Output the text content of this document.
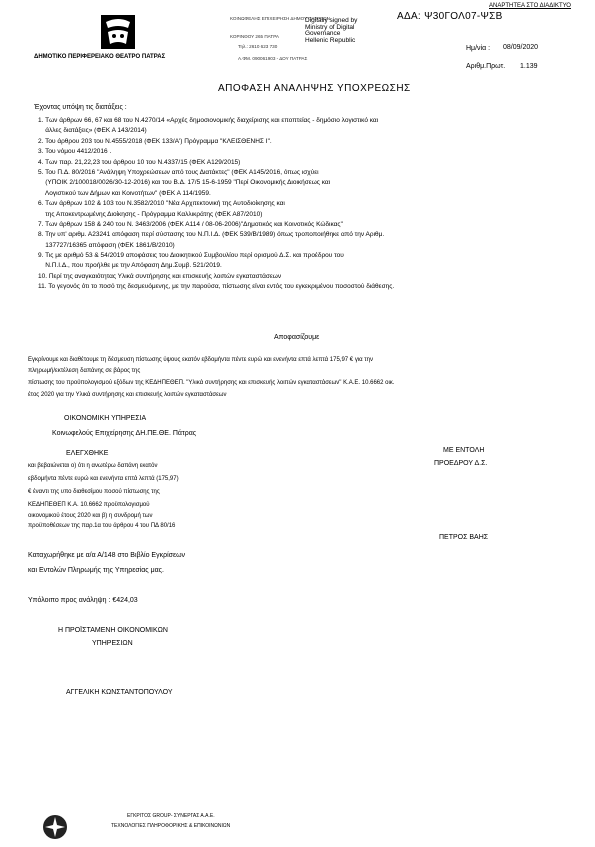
ΑΝΑΡΤΗΤΕΑ ΣΤΟ ΔΙΑΔΙΚΤΥΟ
ΑΔΑ: Ψ30ΓΟΛ07-ΨΣΒ
ΔΗΜΟΤΙΚΟ ΠΕΡΙΦΕΡΕΙΑΚΟ ΘΕΑΤΡΟ ΠΑΤΡΑΣ
ΚΟΙΝΩΦΕΛΗΣ ΕΠΙΧΕΙΡΗΣΗ ΔΗΜΟΥ ΠΑΤΡΕΩΝ
ΚΟΡΙΝΘΟΥ 265 ΠΑΤΡΑ
Τηλ.: 2610 623 730
Α.ΦΜ. 090061903 - ΔΟΥ ΠΑΤΡΑΣ
Digitally signed by
Ministry of Digital
Governance
Hellenic Republic
Ημ/νία : 08/09/2020
Αριθμ.Πρωτ. 1.139
ΑΠΟΦΑΣΗ ΑΝΑΛΗΨΗΣ ΥΠΟΧΡΕΩΣΗΣ
Έχοντας υπόψη τις διατάξεις :
1. Των άρθρων 66, 67 και 68 του Ν.4270/14 «Αρχές δημοσιονομικής διαχείρισης και εποπτείας - δημόσιο λογιστικό και
άλλες διατάξεις» (ΦΕΚ Α 143/2014)
2. Του άρθρου 203 του Ν.4555/2018 (ΦΕΚ 133/Α') Πρόγραμμα "ΚΛΕΙΣΘΕΝΗΣ Ι".
3. Του νόμου 4412/2016 .
4. Των παρ. 21,22,23 του άρθρου 10 του Ν.4337/15 (ΦΕΚ Α129/2015)
5. Του Π.Δ. 80/2016 "Ανάληψη Υποχρεώσεων από τους Διατάκτες" (ΦΕΚ Α145/2016, όπως ισχύει
(ΥΠΟΙΚ 2/100018/0026/30-12-2016) και του Β.Δ. 17/5 15-6-1959 "Περί Οικονομικής Διοικήσεως και
Λογιστικού των Δήμων και Κοινοτήτων" (ΦΕΚ Α 114/1959.
6. Των άρθρων 102 & 103 του Ν.3582/2010 "Νέα Αρχιτεκτονική της Αυτοδιοίκησης και
της Αποκεντρωμένης Διοίκησης - Πρόγραμμα Καλλικράτης (ΦΕΚ Α87/2010)
7. Των άρθρων 158 & 240 του Ν. 3463/2006 (ΦΕΚ Α114 / 08-06-2006)"Δημοτικός και Κοινοτικός Κώδικας"
8. Την υπ' αριθμ. Α23241 απόφαση περί σύστασης του Ν.Π.Ι.Δ. (ΦΕΚ 539/Β/1989) όπως τροποποιήθηκε από την Αριθμ.
137727/16365 απόφαση (ΦΕΚ 1861/Β/2010)
9. Τις με αριθμό 53 & 54/2019 αποφάσεις του Διοικητικού Συμβουλίου περί ορισμού Δ.Σ. και προέδρου του
Ν.Π.Ι.Δ., που προήλθε με την Απόφαση Δημ.Συμβ. 521/2019.
10. Περί της αναγκαιότητας Υλικά συντήρησης και επισκευής λοιπών εγκαταστάσεων
11. Το γεγονός ότι το ποσό της δεσμευόμενης, με την παρούσα, πίστωσης είναι εντός του εγκεκριμένου ποσοστού διάθεσης.
Αποφασίζουμε
Εγκρίνουμε και διαθέτουμε τη δέσμευση πίστωσης ύψους εκατόν εβδομήντα πέντε ευρώ και ενενήντα επτά λεπτά 175,97 € για την
πληρωμή/εκτέλεση δαπάνης σε βάρος της
πίστωσης του προϋπολογισμού εξόδων της ΚΕΔΗΠΕΘΕΠ. "Υλικά συντήρησης και επισκευής λοιπών εγκαταστάσεων" Κ.Α.Ε. 10.6662 οικ.
έτος 2020 για την Υλικά συντήρησης και επισκευής λοιπών εγκαταστάσεων
ΟΙΚΟΝΟΜΙΚΗ ΥΠΗΡΕΣΙΑ
Κοινωφελούς Επιχείρησης ΔΗ.ΠΕ.ΘΕ. Πάτρας
ΜΕ ΕΝΤΟΛΗ
ΠΡΟΕΔΡΟΥ Δ.Σ.
ΕΛΕΓΧΘΗΚΕ
και βεβαιώνεται ο) ότι η ανωτέρω δαπάνη εκατόν
εβδομήντα πέντε ευρώ και ενενήντα επτά λεπτά (175,97)
€ έναντι της υπο διαθεσίμου ποσού πίστωσης της
ΚΕΔΗΠΕΘΕΠ Κ.Α. 10.6662 προϋπολογισμού
οικονομικού έτους 2020 και β) η συνδρομή των
προϋποθέσεων της παρ.1α του άρθρου 4 του ΠΔ 80/16
ΠΕΤΡΟΣ ΒΑΗΣ
Καταχωρήθηκε με α/α Α/148 στο Βιβλίο Εγκρίσεων
και Εντολών Πληρωμής της Υπηρεσίας μας.
Υπόλοιπο προς ανάληψη : €424,03
Η ΠΡΟΪΣΤΑΜΕΝΗ ΟΙΚΟΝΟΜΙΚΩΝ
ΥΠΗΡΕΣΙΩΝ
ΑΓΓΕΛΙΚΗ ΚΩΝΣΤΑΝΤΟΠΟΥΛΟΥ
ΕΓΚΡΙΤΟΣ GROUP- ΣΥΝΕΡΓΑΣ Α.Α.Ε.
ΤΕΧΝΟΛΟΓΙΕΣ ΠΛΗΡΟΦΟΡΙΚΗΣ & ΕΠΙΚΟΙΝΩΝΙΩΝ
